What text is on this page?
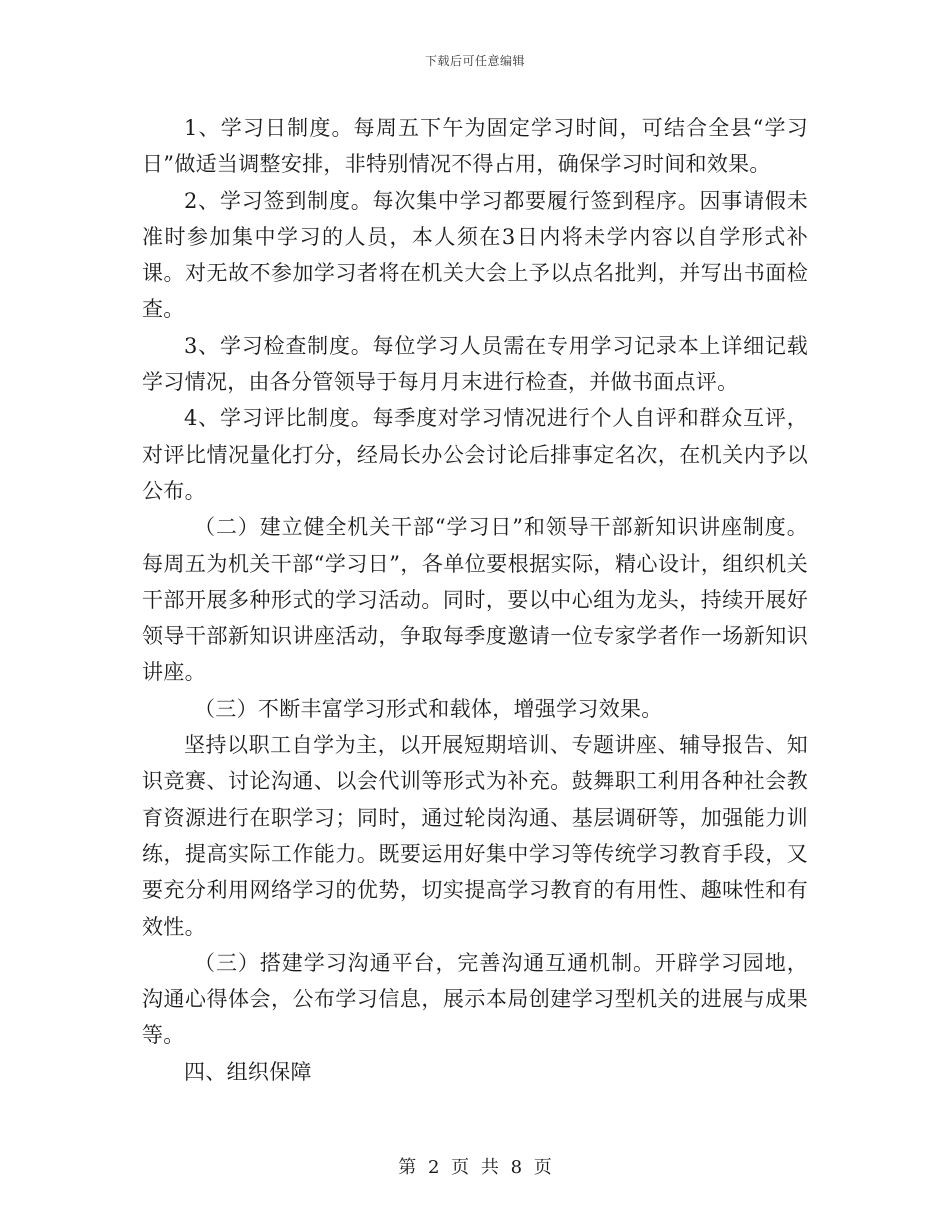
下载后可任意编辑

1、学习日制度。每周五下午为固定学习时间，可结合全县“学习日”做适当调整安排，非特别情况不得占用，确保学习时间和效果。

2、学习签到制度。每次集中学习都要履行签到程序。因事请假未准时参加集中学习的人员，本人须在3日内将未学内容以自学形式补课。对无故不参加学习者将在机关大会上予以点名批判，并写出书面检查。

3、学习检查制度。每位学习人员需在专用学习记录本上详细记载学习情况，由各分管领导于每月月末进行检查，并做书面点评。

4、学习评比制度。每季度对学习情况进行个人自评和群众互评，对评比情况量化打分，经局长办公会讨论后排事定名次，在机关内予以公布。

（二）建立健全机关干部“学习日”和领导干部新知识讲座制度。每周五为机关干部“学习日”，各单位要根据实际，精心设计，组织机关干部开展多种形式的学习活动。同时，要以中心组为龙头，持续开展好领导干部新知识讲座活动，争取每季度邀请一位专家学者作一场新知识讲座。

（三）不断丰富学习形式和载体，增强学习效果。

坚持以职工自学为主，以开展短期培训、专题讲座、辅导报告、知识竞赛、讨论沟通、以会代训等形式为补充。鼓舞职工利用各种社会教育资源进行在职学习；同时，通过轮岗沟通、基层调研等，加强能力训练，提高实际工作能力。既要运用好集中学习等传统学习教育手段，又要充分利用网络学习的优势，切实提高学习教育的有用性、趣味性和有效性。

（三）搭建学习沟通平台，完善沟通互通机制。开辟学习园地，沟通心得体会，公布学习信息，展示本局创建学习型机关的进展与成果等。

四、组织保障

第 2 页 共 8 页
